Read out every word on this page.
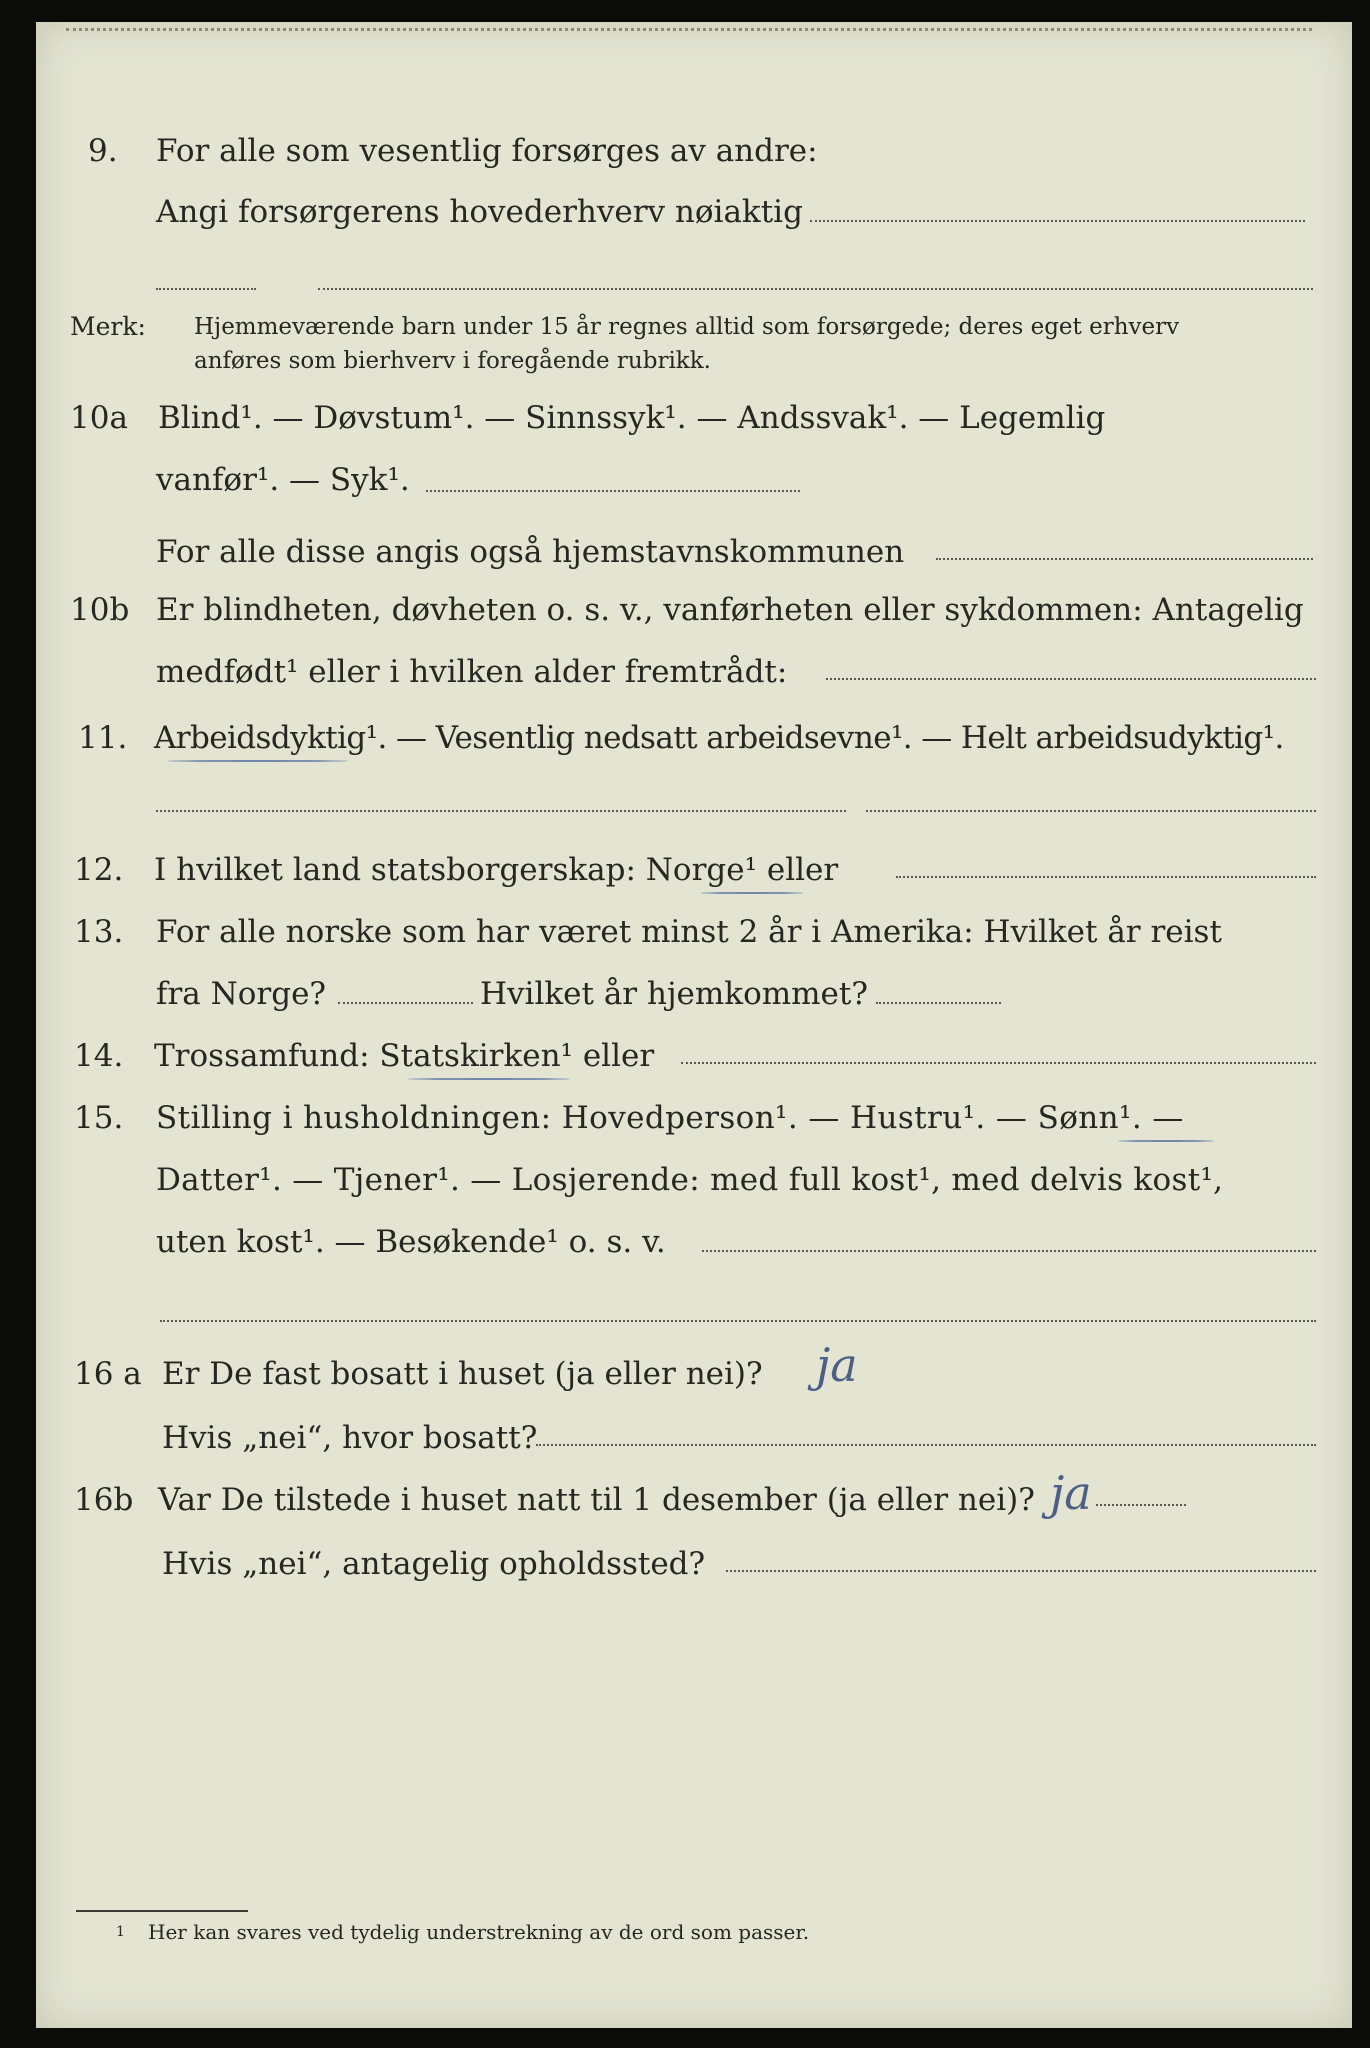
9. For alle som vesentlig forsørges av andre:
Angi forsørgerens hovederhverv nøiaktig
Merk: Hjemmeværende barn under 15 år regnes alltid som forsørgede; deres eget erhverv
anføres som bierhverv i foregående rubrikk.
10a Blind¹. — Døvstum¹. — Sinnssyk¹. — Andssvak¹. — Legemlig
vanfør¹. — Syk¹.
For alle disse angis også hjemstavnskommunen
10b Er blindheten, døvheten o. s. v., vanførheten eller sykdommen: Antagelig
medfødt¹ eller i hvilken alder fremtrådt:
11. Arbeidsdyktig¹. — Vesentlig nedsatt arbeidsevne¹. — Helt arbeidsudyktig¹.
12. I hvilket land statsborgerskap: Norge¹ eller
13. For alle norske som har været minst 2 år i Amerika: Hvilket år reist
fra Norge?	Hvilket år hjemkommet?
14. Trossamfund: Statskirken¹ eller
15. Stilling i husholdningen: Hovedperson¹. — Hustru¹. — Sønn¹. —
Datter¹. — Tjener¹. — Losjerende: med full kost¹, med delvis kost¹,
uten kost¹. — Besøkende¹ o. s. v.
16 a Er De fast bosatt i huset (ja eller nei)? ja
Hvis „nei“, hvor bosatt?
16b Var De tilstede i huset natt til 1 desember (ja eller nei)? ja
Hvis „nei“, antagelig opholdssted?
1 Her kan svares ved tydelig understrekning av de ord som passer.
